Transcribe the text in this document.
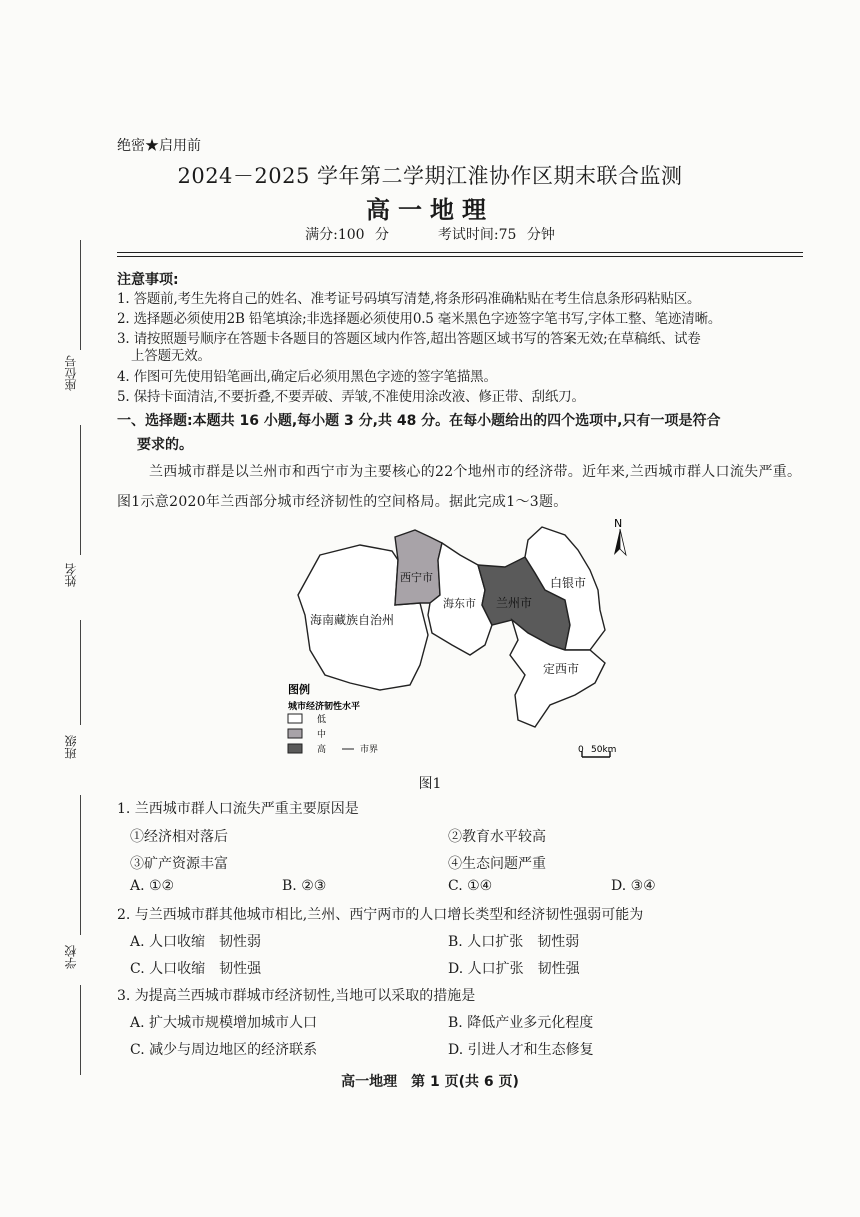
绝密★启用前
2024－2025 学年第二学期江淮协作区期末联合监测
高一地理
满分:100 分	考试时间:75 分钟
座位号
姓名
班级
学校
注意事项:
1. 答题前,考生先将自己的姓名、准考证号码填写清楚,将条形码准确粘贴在考生信息条形码粘贴区。
2. 选择题必须使用2B 铅笔填涂;非选择题必须使用0.5 毫米黑色字迹签字笔书写,字体工整、笔迹清晰。
3. 请按照题号顺序在答题卡各题目的答题区域内作答,超出答题区域书写的答案无效;在草稿纸、试卷
上答题无效。
4. 作图可先使用铅笔画出,确定后必须用黑色字迹的签字笔描黑。
5. 保持卡面清洁,不要折叠,不要弄破、弄皱,不准使用涂改液、修正带、刮纸刀。
一、选择题:本题共 16 小题,每小题 3 分,共 48 分。在每小题给出的四个选项中,只有一项是符合
要求的。
兰西城市群是以兰州市和西宁市为主要核心的22个地州市的经济带。近年来,兰西城市群人口流失严重。图1示意2020年兰西部分城市经济韧性的空间格局。据此完成1～3题。
西宁市
海东市 兰州市
白银市
海南藏族自治州
定西市
N
图例
城市经济韧性水平
低
中
高	市界	0 50km
图1
1. 兰西城市群人口流失严重主要原因是
①经济相对落后	②教育水平较高
③矿产资源丰富	④生态问题严重
A. ①②	B. ②③	C. ①④	D. ③④
2. 与兰西城市群其他城市相比,兰州、西宁两市的人口增长类型和经济韧性强弱可能为
A. 人口收缩　韧性弱	B. 人口扩张　韧性弱
C. 人口收缩　韧性强	D. 人口扩张　韧性强
3. 为提高兰西城市群城市经济韧性,当地可以采取的措施是
A. 扩大城市规模增加城市人口	B. 降低产业多元化程度
C. 减少与周边地区的经济联系	D. 引进人才和生态修复
高一地理　第 1 页(共 6 页)
